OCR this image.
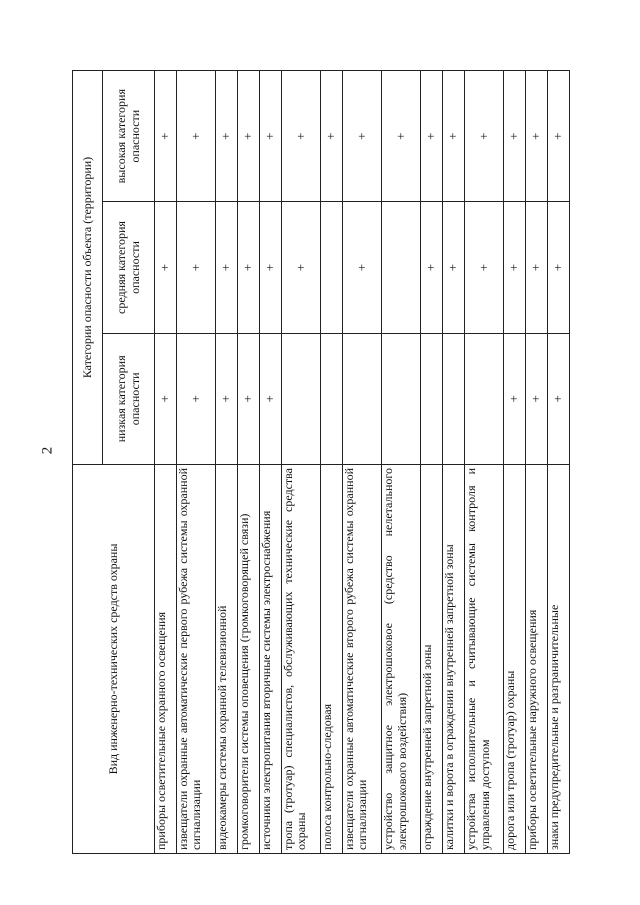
2
Вид инженерно-технических средств охраны	Категории опасности объекта (территории)		
	низкая категория опасности	средняя категория опасности	высокая категория опасности
приборы осветительные охранного освещения	+	+	+
извещатели охранные автоматические первого рубежа системы охранной сигнализации	+	+	+
видеокамеры системы охранной телевизионной	+	+	+
громкоговорители системы оповещения (громкоговорящей связи)	+	+	+
источники электропитания вторичные системы электроснабжения	+	+	+
тропа (тротуар) специалистов, обслуживающих технические средства охраны		+	+
полоса контрольно-следовая			+
извещатели охранные автоматические второго рубежа системы охранной сигнализации		+	+
устройство защитное электрошоковое (средство нелетального электрошокового воздействия)			+
ограждение внутренней запретной зоны		+	+
калитки и ворота в ограждении внутренней запретной зоны		+	+
устройства исполнительные и считывающие системы контроля и управления доступом		+	+
дорога или тропа (тротуар) охраны	+	+	+
приборы осветительные наружного освещения	+	+	+
знаки предупредительные и разграничительные	+	+	+
